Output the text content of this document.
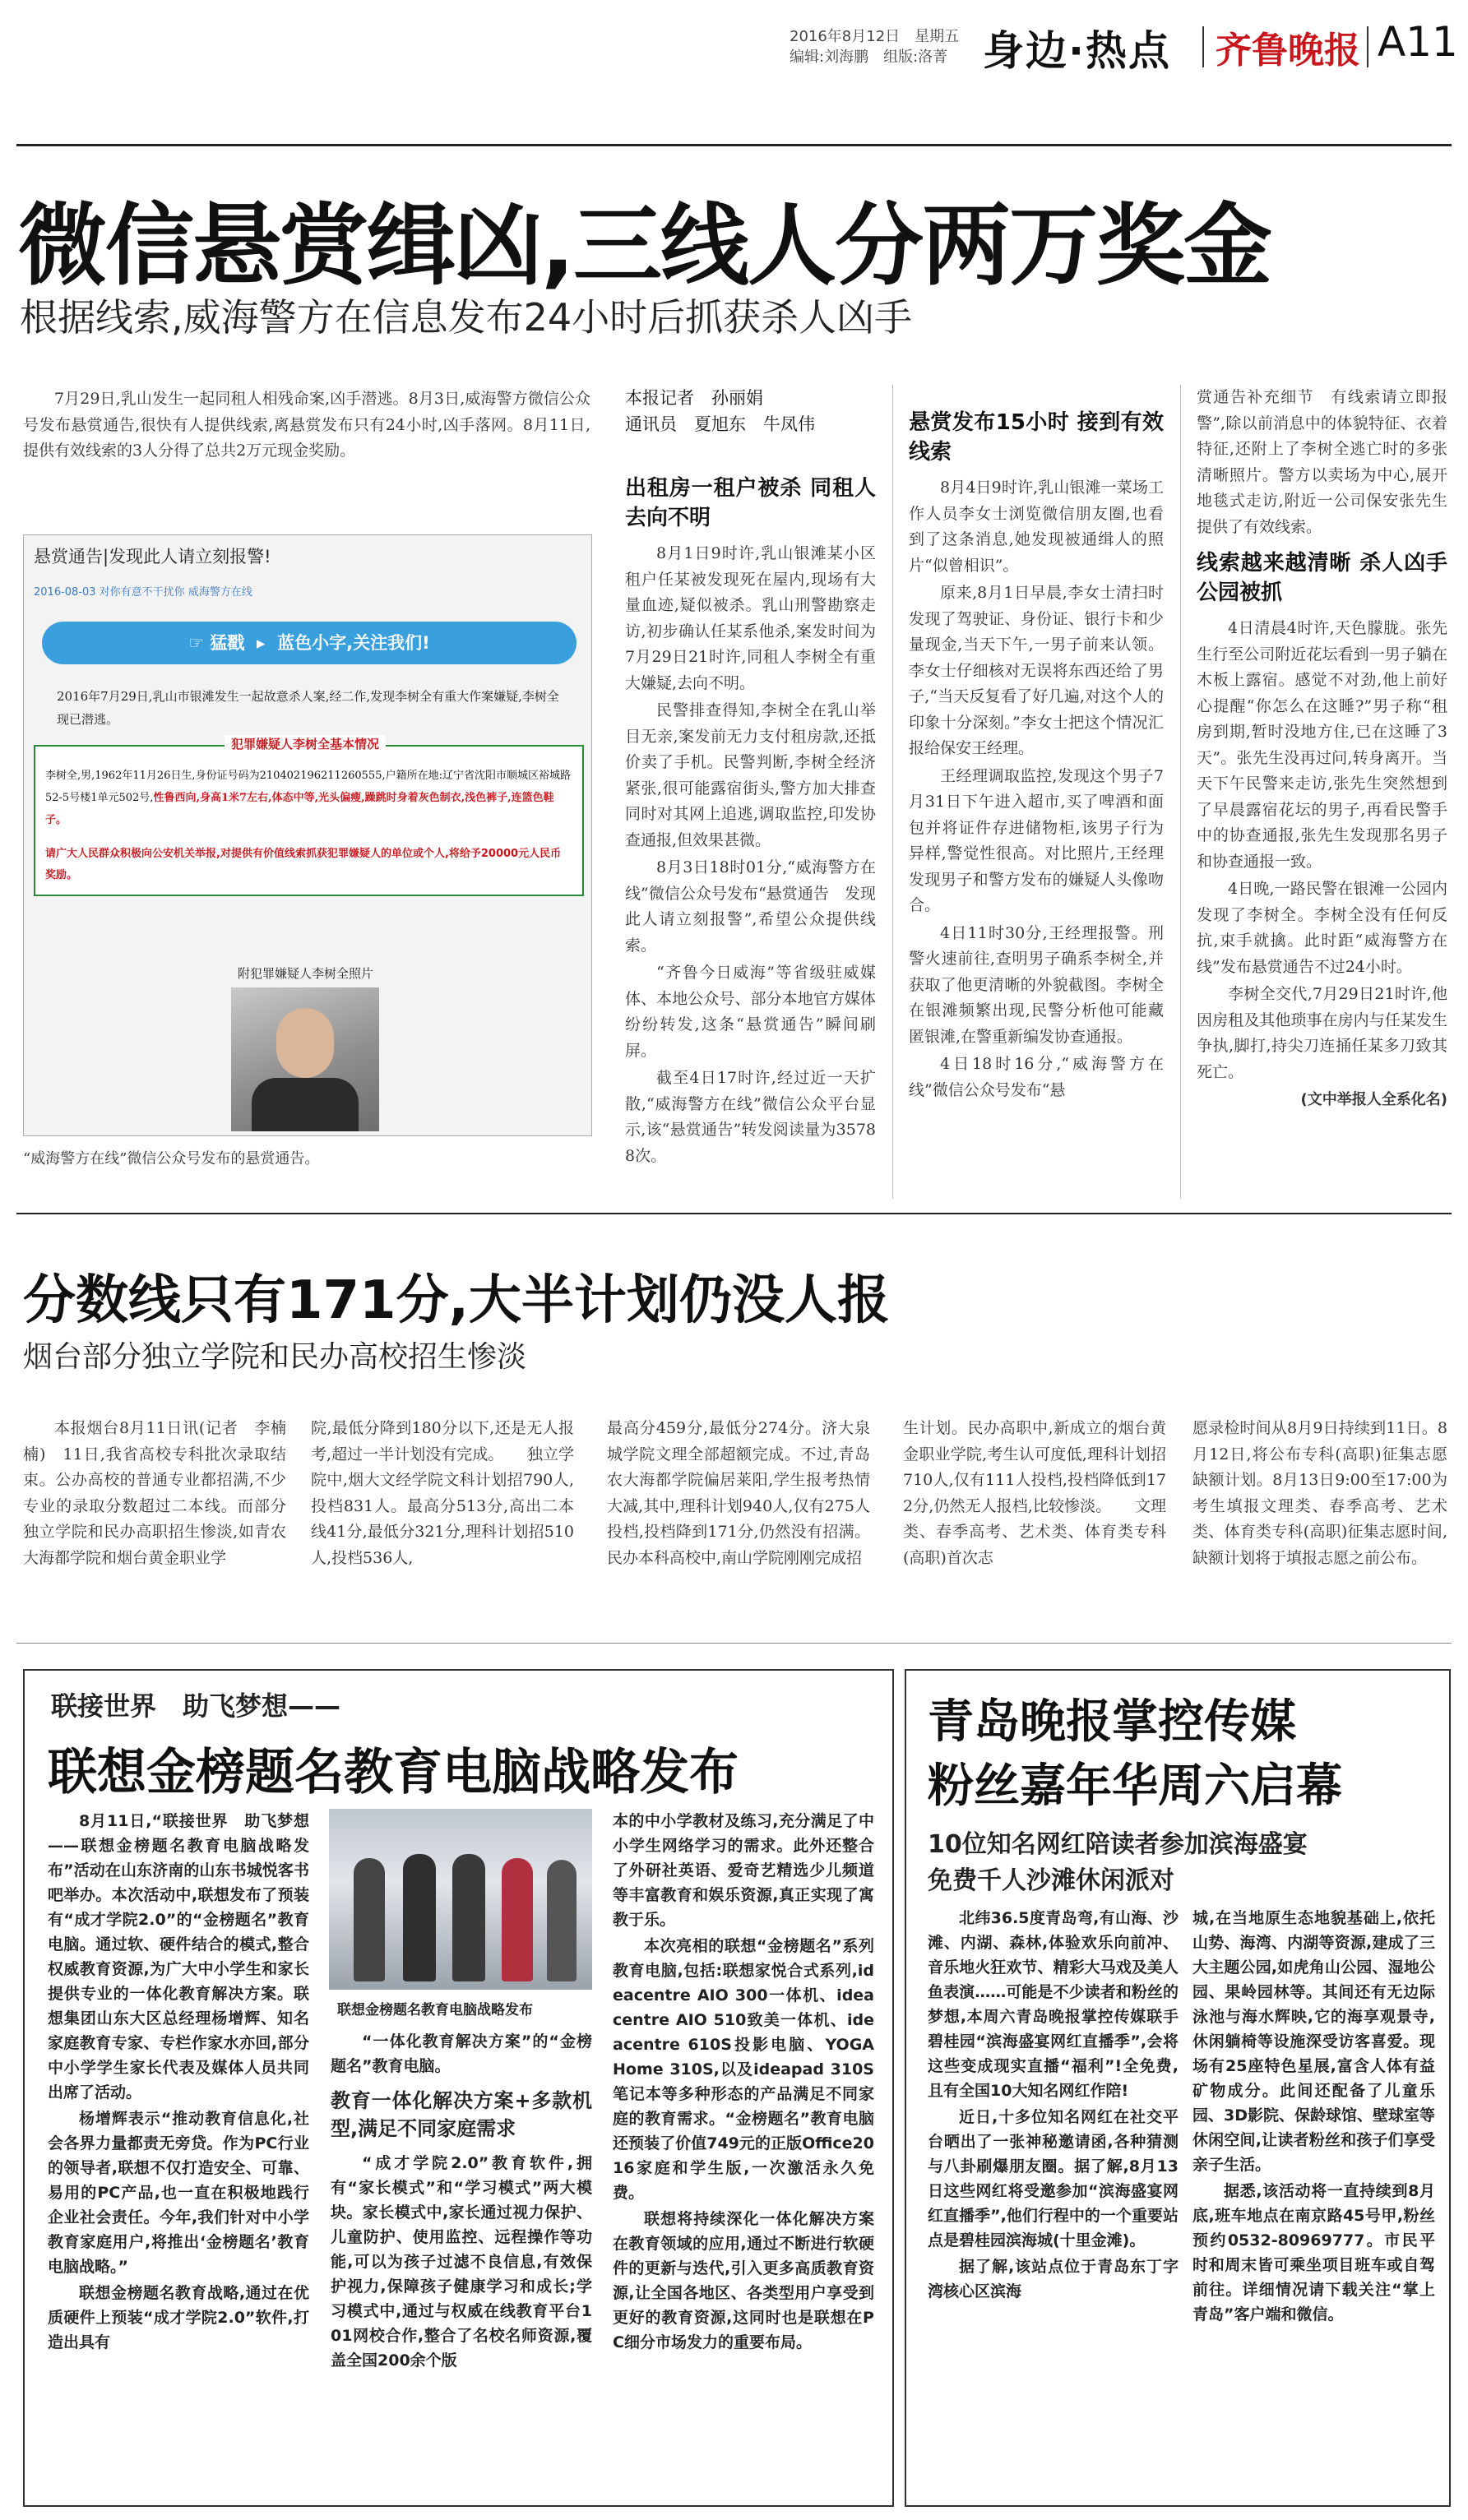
2016年8月12日　星期五
编辑:刘海鹏　组版:洛菁 身边·热点 齐鲁晚报 A11
微信悬赏缉凶,三线人分两万奖金
根据线索,威海警方在信息发布24小时后抓获杀人凶手

7月29日,乳山发生一起同租人相残命案,凶手潜逃。8月3日,威海警方微信公众号发布悬赏通告,很快有人提供线索,离悬赏发布只有24小时,凶手落网。8月11日,提供有效线索的3人分得了总共2万元现金奖励。

悬赏通告|发现此人请立刻报警!
2016-08-03 对你有意不干扰你 威海警方在线
☞ 猛戳  ▸  蓝色小字,关注我们!
2016年7月29日,乳山市银滩发生一起故意杀人案,经二作,发现李树全有重大作案嫌疑,李树全现已潜逃。
犯罪嫌疑人李树全基本情况
李树全,男,1962年11月26日生,身份证号码为210402196211260555,户籍所在地:辽宁省沈阳市顺城区裕城路52-5号楼1单元502号,性鲁西向,身高1米7左右,体态中等,光头偏瘦,躁跳时身着灰色制衣,浅色裤子,连篮色鞋子。
请广大人民群众积极向公安机关举报,对提供有价值线索抓获犯罪嫌疑人的单位或个人,将给予20000元人民币奖励。
附犯罪嫌疑人李树全照片
“威海警方在线”微信公众号发布的悬赏通告。
本报记者　孙丽娟
通讯员　夏旭东　牛凤伟
出租房一租户被杀 同租人去向不明

8月1日9时许,乳山银滩某小区租户任某被发现死在屋内,现场有大量血迹,疑似被杀。乳山刑警勘察走访,初步确认任某系他杀,案发时间为7月29日21时许,同租人李树全有重大嫌疑,去向不明。

民警排查得知,李树全在乳山举目无亲,案发前无力支付租房款,还抵价卖了手机。民警判断,李树全经济紧张,很可能露宿街头,警方加大排查同时对其网上追逃,调取监控,印发协查通报,但效果甚微。

8月3日18时01分,“威海警方在线”微信公众号发布“悬赏通告　发现此人请立刻报警”,希望公众提供线索。

“齐鲁今日威海”等省级驻威媒体、本地公众号、部分本地官方媒体纷纷转发,这条“悬赏通告”瞬间刷屏。

截至4日17时许,经过近一天扩散,“威海警方在线”微信公众平台显示,该“悬赏通告”转发阅读量为35788次。

悬赏发布15小时 接到有效线索

8月4日9时许,乳山银滩一菜场工作人员李女士浏览微信朋友圈,也看到了这条消息,她发现被通缉人的照片“似曾相识”。

原来,8月1日早晨,李女士清扫时发现了驾驶证、身份证、银行卡和少量现金,当天下午,一男子前来认领。李女士仔细核对无误将东西还给了男子,“当天反复看了好几遍,对这个人的印象十分深刻。”李女士把这个情况汇报给保安王经理。

王经理调取监控,发现这个男子7月31日下午进入超市,买了啤酒和面包并将证件存进储物柜,该男子行为异样,警觉性很高。对比照片,王经理发现男子和警方发布的嫌疑人头像吻合。

4日11时30分,王经理报警。刑警火速前往,查明男子确系李树全,并获取了他更清晰的外貌截图。李树全在银滩频繁出现,民警分析他可能藏匿银滩,在警重新编发协查通报。

4日18时16分,“威海警方在线”微信公众号发布“悬

赏通告补充细节　有线索请立即报警”,除以前消息中的体貌特征、衣着特征,还附上了李树全逃亡时的多张清晰照片。警方以卖场为中心,展开地毯式走访,附近一公司保安张先生提供了有效线索。

线索越来越清晰 杀人凶手公园被抓

4日清晨4时许,天色朦胧。张先生行至公司附近花坛看到一男子躺在木板上露宿。感觉不对劲,他上前好心提醒“你怎么在这睡?”男子称“租房到期,暂时没地方住,已在这睡了3天”。张先生没再过问,转身离开。当天下午民警来走访,张先生突然想到了早晨露宿花坛的男子,再看民警手中的协查通报,张先生发现那名男子和协查通报一致。

4日晚,一路民警在银滩一公园内发现了李树全。李树全没有任何反抗,束手就擒。此时距“威海警方在线”发布悬赏通告不过24小时。

李树全交代,7月29日21时许,他因房租及其他琐事在房内与任某发生争执,脚打,持尖刀连捅任某多刀致其死亡。

(文中举报人全系化名)
分数线只有171分,大半计划仍没人报
烟台部分独立学院和民办高校招生惨淡

本报烟台8月11日讯(记者　李楠楠)　11日,我省高校专科批次录取结束。公办高校的普通专业都招满,不少专业的录取分数超过二本线。而部分独立学院和民办高职招生惨淡,如青农大海都学院和烟台黄金职业学

院,最低分降到180分以下,还是无人报考,超过一半计划没有完成。　　独立学院中,烟大文经学院文科计划招790人,投档831人。最高分513分,高出二本线41分,最低分321分,理科计划招510人,投档536人,

最高分459分,最低分274分。济大泉城学院文理全部超额完成。不过,青岛农大海都学院偏居莱阳,学生报考热情大减,其中,理科计划940人,仅有275人投档,投档降到171分,仍然没有招满。民办本科高校中,南山学院刚刚完成招

生计划。民办高职中,新成立的烟台黄金职业学院,考生认可度低,理科计划招710人,仅有111人投档,投档降低到172分,仍然无人报档,比较惨淡。　　文理类、春季高考、艺术类、体育类专科(高职)首次志

愿录检时间从8月9日持续到11日。8月12日,将公布专科(高职)征集志愿缺额计划。8月13日9:00至17:00为考生填报文理类、春季高考、艺术类、体育类专科(高职)征集志愿时间,缺额计划将于填报志愿之前公布。

联接世界　助飞梦想——
联想金榜题名教育电脑战略发布

8月11日,“联接世界　助飞梦想——联想金榜题名教育电脑战略发布”活动在山东济南的山东书城悦客书吧举办。本次活动中,联想发布了预装有“成才学院2.0”的“金榜题名”教育电脑。通过软、硬件结合的模式,整合权威教育资源,为广大中小学生和家长提供专业的一体化教育解决方案。联想集团山东大区总经理杨增辉、知名家庭教育专家、专栏作家水亦回,部分中小学学生家长代表及媒体人员共同出席了活动。

杨增辉表示“推动教育信息化,社会各界力量都责无旁贷。作为PC行业的领导者,联想不仅打造安全、可靠、易用的PC产品,也一直在积极地践行企业社会责任。今年,我们针对中小学教育家庭用户,将推出‘金榜题名’教育电脑战略。”

联想金榜题名教育战略,通过在优质硬件上预装“成才学院2.0”软件,打造出具有

联想金榜题名教育电脑战略发布

“一体化教育解决方案”的“金榜题名”教育电脑。

教育一体化解决方案+多款机型,满足不同家庭需求

“成才学院2.0”教育软件,拥有“家长模式”和“学习模式”两大模块。家长模式中,家长通过视力保护、儿童防护、使用监控、远程操作等功能,可以为孩子过滤不良信息,有效保护视力,保障孩子健康学习和成长;学习模式中,通过与权威在线教育平台101网校合作,整合了名校名师资源,覆盖全国200余个版

本的中小学教材及练习,充分满足了中小学生网络学习的需求。此外还整合了外研社英语、爱奇艺精选少儿频道等丰富教育和娱乐资源,真正实现了寓教于乐。

本次亮相的联想“金榜题名”系列教育电脑,包括:联想家悦合式系列,ideacentre AIO 300一体机、ideacentre AIO 510致美一体机、ideacentre 610S投影电脑、YOGA Home 310S,以及ideapad 310S笔记本等多种形态的产品满足不同家庭的教育需求。“金榜题名”教育电脑还预装了价值749元的正版Office2016家庭和学生版,一次激活永久免费。

联想将持续深化一体化解决方案在教育领域的应用,通过不断进行软硬件的更新与迭代,引入更多高质教育资源,让全国各地区、各类型用户享受到更好的教育资源,这同时也是联想在PC细分市场发力的重要布局。

青岛晚报掌控传媒
粉丝嘉年华周六启幕
10位知名网红陪读者参加滨海盛宴
免费千人沙滩休闲派对

北纬36.5度青岛弯,有山海、沙滩、内湖、森林,体验欢乐向前冲、音乐地火狂欢节、精彩大马戏及美人鱼表演……可能是不少读者和粉丝的梦想,本周六青岛晚报掌控传媒联手碧桂园“滨海盛宴网红直播季”,会将这些变成现实直播“福利”!全免费,且有全国10大知名网红作陪!

近日,十多位知名网红在社交平台晒出了一张神秘邀请函,各种猜测与八卦刷爆朋友圈。据了解,8月13日这些网红将受邀参加“滨海盛宴网红直播季”,他们行程中的一个重要站点是碧桂园滨海城(十里金滩)。

据了解,该站点位于青岛东丁字湾核心区滨海

城,在当地原生态地貌基础上,依托山势、海湾、内湖等资源,建成了三大主题公园,如虎角山公园、湿地公园、果岭园林等。其间还有无边际泳池与海水辉映,它的海享观景寺,休闲躺椅等设施深受访客喜爱。现场有25座特色星展,富含人体有益矿物成分。此间还配备了儿童乐园、3D影院、保龄球馆、壁球室等休闲空间,让读者粉丝和孩子们享受亲子生活。

据悉,该活动将一直持续到8月底,班车地点在南京路45号甲,粉丝预约0532-80969777。市民平时和周末皆可乘坐项目班车或自驾前往。详细情况请下载关注“掌上青岛”客户端和微信。
